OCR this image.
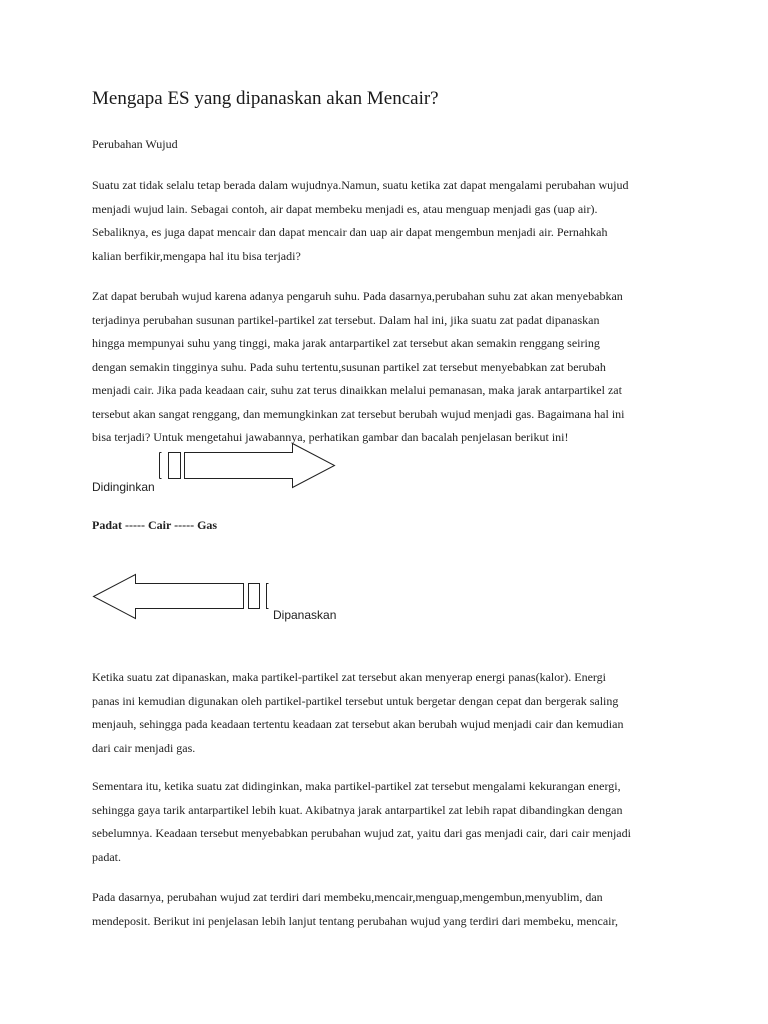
Mengapa ES yang dipanaskan akan Mencair?
Perubahan Wujud
Suatu zat tidak selalu tetap berada dalam wujudnya.Namun, suatu ketika zat dapat mengalami perubahan wujud
menjadi wujud lain. Sebagai contoh, air dapat membeku menjadi es, atau menguap menjadi gas (uap air).
Sebaliknya, es juga dapat mencair dan dapat mencair dan uap air dapat mengembun menjadi air. Pernahkah
kalian berfikir,mengapa hal itu bisa terjadi?
Zat dapat berubah wujud karena adanya pengaruh suhu. Pada dasarnya,perubahan suhu zat akan menyebabkan
terjadinya perubahan susunan partikel-partikel zat tersebut. Dalam hal ini, jika suatu zat padat dipanaskan
hingga mempunyai suhu yang tinggi, maka jarak antarpartikel zat tersebut akan semakin renggang seiring
dengan semakin tingginya suhu. Pada suhu tertentu,susunan partikel zat tersebut menyebabkan zat berubah
menjadi cair. Jika pada keadaan cair, suhu zat terus dinaikkan melalui pemanasan, maka jarak antarpartikel zat
tersebut akan sangat renggang, dan memungkinkan zat tersebut berubah wujud menjadi gas. Bagaimana hal ini
bisa terjadi? Untuk mengetahui jawabannya, perhatikan gambar dan bacalah penjelasan berikut ini!
Didinginkan
Padat ----- Cair ----- Gas
Dipanaskan
Ketika suatu zat dipanaskan, maka partikel-partikel zat tersebut akan menyerap energi panas(kalor). Energi
panas ini kemudian digunakan oleh partikel-partikel tersebut untuk bergetar dengan cepat dan bergerak saling
menjauh, sehingga pada keadaan tertentu keadaan zat tersebut akan berubah wujud menjadi cair dan kemudian
dari cair menjadi gas.
Sementara itu, ketika suatu zat didinginkan, maka partikel-partikel zat tersebut mengalami kekurangan energi,
sehingga gaya tarik antarpartikel lebih kuat. Akibatnya jarak antarpartikel zat lebih rapat dibandingkan dengan
sebelumnya. Keadaan tersebut menyebabkan perubahan wujud zat, yaitu dari gas menjadi cair, dari cair menjadi
padat.
Pada dasarnya, perubahan wujud zat terdiri dari membeku,mencair,menguap,mengembun,menyublim, dan
mendeposit. Berikut ini penjelasan lebih lanjut tentang perubahan wujud yang terdiri dari membeku, mencair,
